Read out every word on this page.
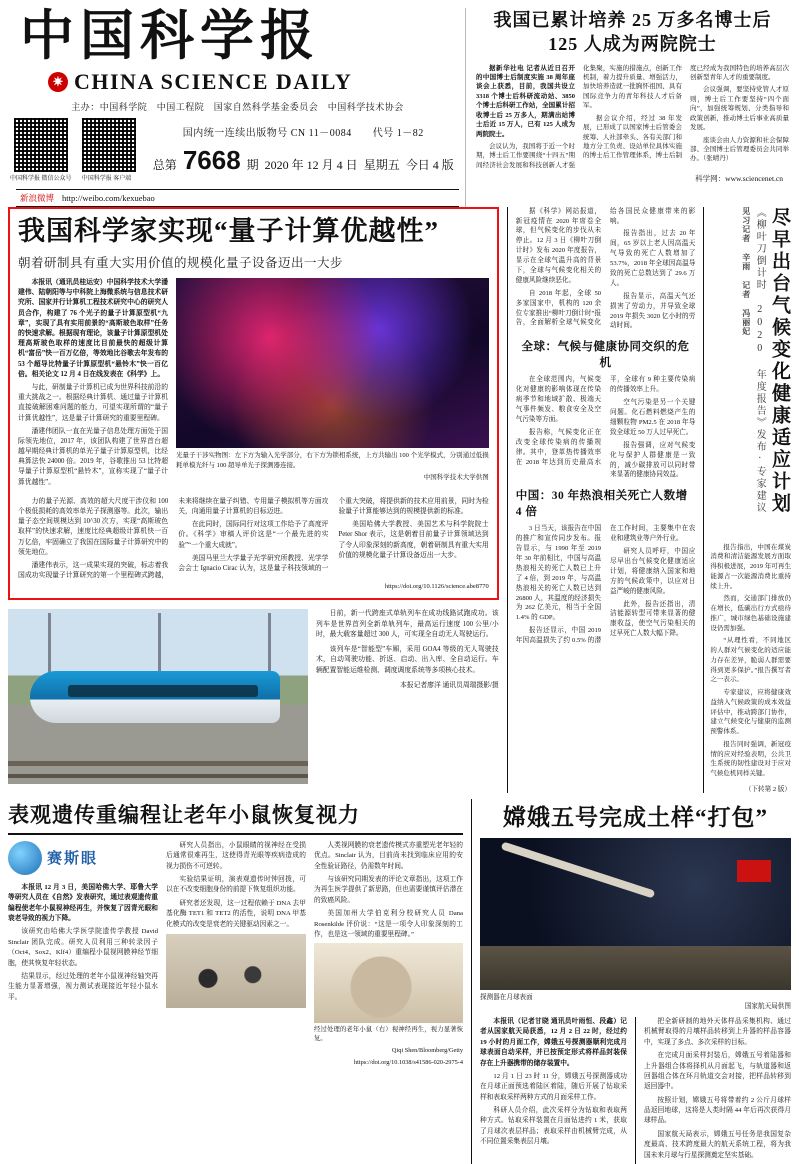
中国科学报
✷ CHINA SCIENCE DAILY
主办：中国科学院　中国工程院　国家自然科学基金委员会　中国科学技术协会
中国科学报 微信公众号	中国科学报 客户端
国内统一连续出版物号 CN 11－0084　　代号 1－82
总第 7668 期 2020 年 12 月 4 日 星期五 今日 4 版
新浪微博 http://weibo.com/kexuebao
我国已累计培养 25 万多名博士后
125 人成为两院院士

据新华社电 记者从近日召开的中国博士后制度实施 38 周年座谈会上获悉，目前，我国共设立 3318 个博士后科研流动站、3850 个博士后科研工作站，全国累计招收博士后 25 万多人，期满出站博士后近 15 万人，已有 125 人成为两院院士。

会议认为，我国将于近一个时期，博士后工作要围绕“十四五”期间经济社会发展和科技创新人才强化集聚，实施的措施点，创新工作机制，着力提升质量、增强活力，加快培养造就一批胸怀祖国、具有国际竞争力的青年科技人才后备军。

据会议介绍，经过 38 年发展，已形成了以国家博士后管委会统筹、人社部牵头、各有关部门和地方分工负责、设站单位具体实施的博士后工作管理体系，博士后制度已经成为我国特色的培养高层次创新型青年人才的重要制度。

会议强调，要坚持党管人才原则，博士后工作要坚持“四个面向”，加强统筹规划、分类指导和政策创新，推动博士后事业高质量发展。

座谈会由人力资源和社会保障部、全国博士后管理委员会共同举办。（张晴丹）

科学网：www.sciencenet.cn
我国科学家实现“量子计算优越性”
朝着研制具有重大实用价值的规模化量子设备迈出一大步

本报讯（通讯员桂运安）中国科学技术大学潘建伟、陆朝阳等与中科院上海微系统与信息技术研究所、国家并行计算机工程技术研究中心的研究人员合作，构建了 76 个光子的量子计算原型机“九章”，实现了具有实用前景的“高斯玻色取样”任务的快速求解。根据现有理论，该量子计算原型机处理高斯玻色取样的速度比目前最快的超级计算机“富岳”快一百万亿倍，等效地比谷歌去年发布的 53 个超导比特量子计算原型机“悬铃木”快一百亿倍。相关论文 12 月 4 日在线发表在《科学》上。

与此，研制量子计算机已成为世界科技前沿的重大挑战之一。根据经典计算机、通过量子计算机直接破解困难问题的能力，可望实现所谓的“量子计算优越性”，这是量子计算研究的重要里程碑。

潘建伟团队一直在光量子信息处理方面处于国际领先地位，2017 年，该团队构建了世界首台超越早期经典计算机的单光子量子计算原型机，比经典算法快 24000 倍。2019 年，谷歌推出 53 比特超导量子计算原型机“悬铃木”，宣称实现了“量子计算优越性”。

光量子干涉实物图：左下方为输入光学部分，右下方为锁相系统，上方共输出 100 个光学模式，分别通过低损耗单模光纤与 100 超导单光子探测器连接。
中国科学技术大学供图

力的量子光源、高效的超大尺度干涉仪和 100 个极低损耗的高效率单光子探测器等。此次，输出量子态空间规模达到 10^30 次方，实现“高斯玻色取样”的快速求解，速度比经典超级计算机快一百万亿倍，牢固确立了我国在国际量子计算研究中的领先地位。

潘建伟表示，这一成果实现的突破，标志着我国成功实现量子计算研究的第一个里程碑式跨越，未来将继续在量子纠错、专用量子模拟机等方面攻关，向通用量子计算机的目标迈进。

在此同时，国际同行对这项工作给予了高度评价。《科学》审稿人评价这是“一个最先进的实验”“一个重大成就”。

美国马里兰大学量子光学研究所教授、光学学会会士 Ignacio Cirac 认为，这是量子科技领域的一个重大突破，将提供新的技术应用前景，同时为检验量子计算能够达到的规模提供新的标准。

美国哈佛大学教授、美国艺术与科学院院士 Peter Shor 表示，这是朝着目前量子计算领域达到了令人印象深刻的新高度，朝着研制具有重大实用价值的规模化量子计算设备迈出一大步。

https://doi.org/10.1126/science.abe8770

日前，新一代跨座式单轨列车在成功线路试跑成功。该列车是世界首列全新单轨列车，最高运行速度 100 公里/小时，最大载客量超过 300 人，可实现全自动无人驾驶运行。

该列车是“智能型”车厢，采用 GOA4 等级的无人驾驶技术，自动驾驶功能、折返、启动、出入库、全自动运行。车辆配置智能运维检测、调度调度系统等多项核心技术。

本报记者廖洋 通讯员周瑞摄影/摄

据《科学》网站报道，新冠疫情在 2020 年席卷全球，但气候变化的步伐从未停止。12 月 3 日《柳叶刀倒计时》发布 2020 年度报告，显示在全球气温升高的背景下，全球与气候变化相关的健康风险继续恶化。

自 2018 年起，全球 50 多家国家中，机构的 120 余位专家推出“柳叶刀倒计时”报告，全面解析全球气候变化给各国民众健康带来的影响。

报告指出，过去 20 年间，65 岁以上老人因高温天气导致的死亡人数增加了 53.7%，2018 年全球因高温导致的死亡总数达到了 29.6 万人。

报告显示，高温天气还损害了劳动力，并导致全球 2019 年损失 3020 亿小时的劳动时间。

全球：气候与健康协同交织的危机

在全球范围内，气候变化对健康的影响体现在传染病季节和地域扩散、极端天气事件频发、粮食安全及空气污染等方面。

报告称，气候变化正在改变全球传染病的传播规律。其中，登革热传播效率在 2018 年达到历史最高水平，全球有 9 种主要传染病的传播效率上升。

空气污染是另一个关键问题。化石燃料燃烧产生的细颗粒物 PM2.5 在 2018 年导致全球近 50 万人过早死亡。

报告强调，应对气候变化与保护人群健康是一致的，减少碳排放可以同时带来显著的健康协同效益。

中国：30 年热浪相关死亡人数增 4 倍

3 日当天，该报告在中国的推广和宣传同步发布。报告显示，与 1990 年至 2019 年 30 年前相比，中国与高温热浪相关的死亡人数已上升了 4 倍，到 2019 年，与高温热浪相关的死亡人数已达到 26800 人，其温度的经济损失为 262 亿美元，相当于全国 1.4% 的 GDP。

报告还显示，中国 2019 年因高温损失了约 0.5% 的潜在工作时间，主要集中在农业和建筑业等户外行业。

研究人员呼吁，中国应尽早出台气候变化健康适应计划，将健康纳入国家和地方的气候政策中，以应对日益严峻的健康风险。

此外，报告还指出，清洁能源转型可带来显著的健康收益，使空气污染相关的过早死亡人数大幅下降。

见习记者 辛雨 记者 冯丽妃 《柳叶刀倒计时 2020 年度报告》发布·专家建议 尽早出台气候变化健康适应计划

报告指出，中国在煤炭消费和清洁能源发展方面取得积极进展，2019 年可再生能源占一次能源消费比重持续上升。

然而，交通部门排放仍在增长，低碳出行方式亟待推广，城市绿色基础设施建设仍需加强。

“从理性看，不同地区的人群对气候变化的适应能力存在差异，脆弱人群需要得到更多保护。”报告撰写者之一表示。

专家建议，应将健康效益纳入气候政策的成本效益评估中，推动跨部门协作，建立气候变化与健康的监测预警体系。

报告同时强调，新冠疫情的应对经验表明，公共卫生系统的韧性建设对于应对气候危机同样关键。

（下转第 2 版）
表观遗传重编程让老年小鼠恢复视力
赛斯眼

本报讯 12 月 3 日，美国哈佛大学、耶鲁大学等研究人员在《自然》发表研究，通过表观遗传重编程使老年小鼠视神经再生，并恢复了因青光眼和衰老导致的视力下降。

该研究由哈佛大学医学院遗传学教授 David Sinclair 团队完成。研究人员利用三种转录因子（Oct4、Sox2、Klf4）重编程小鼠视网膜神经节细胞，使其恢复年轻状态。

结果显示，经过处理的老年小鼠视神经轴突再生能力显著增强，视力测试表现接近年轻小鼠水平。

研究人员指出，小鼠眼睛的视神经在受损后通常很难再生，这使得青光眼等疾病造成的视力损伤不可逆转。

实验结果证明，演表观遗传时钟回拨，可以在不改变细胞身份的前提下恢复组织功能。

研究者还发现，这一过程依赖于 DNA 去甲基化酶 TET1 和 TET2 的活性，说明 DNA 甲基化模式的改变是衰老的关键驱动因素之一。

人类视网膜的衰老遗传模式亦重塑光老年轻的优点。Sinclair 认为，目前尚未找到临床应用的安全性验证路径，仍需数年时间。

与该研究同期发表的评论文章指出，这项工作为再生医学提供了新思路，但也需要谨慎评估潜在的致癌风险。

美国加州大学伯克利分校研究人员 Dana Rosenkilde 评价说：“这是一项令人印象深刻的工作，也是这一领域的重要里程碑。”

经过处理的老年小鼠（右）视神经再生，视力显著恢复。
Qiqi Shen/Bloomberg/Getty
https://doi.org/10.1038/s41586-020-2975-4
嫦娥五号完成土样“打包”
探测器在月球表面
国家航天局供图

本报讯（记者甘晓 通讯员叶雨恒、段鑫）记者从国家航天局获悉，12 月 2 日 22 时，经过约 19 小时的月面工作，嫦娥五号探测器顺利完成月球表面自动采样，并已按预定形式将样品封装保存在上升器携带的储存装置中。

12 月 1 日 23 时 11 分，嫦娥五号探测器成功在月球正面预选着陆区着陆，随后开展了钻取采样和表取采样两种方式的月面采样工作。

科研人员介绍，此次采样分为钻取和表取两种方式。钻取采样装置在月面钻进约 1 米，获取了月球次表层样品；表取采样由机械臂完成，从不同位置采集表层月壤。

把全新研制的地外天体样品采集机构、通过机械臂取得的月壤样品转移到上升器的样品容器中，实现了多点、多次采样的目标。

在完成月面采样封装后，嫦娥五号着陆器和上升器组合体将择机从月面起飞，与轨道器和返回器组合体在环月轨道交会对接，把样品转移到返回器中。

按照计划，嫦娥五号将带着约 2 公斤月球样品返回地球，这将是人类时隔 44 年后再次获得月球样品。

国家航天局表示，嫦娥五号任务是我国复杂度最高、技术跨度最大的航天系统工程，将为我国未来月球与行星探测奠定坚实基础。
